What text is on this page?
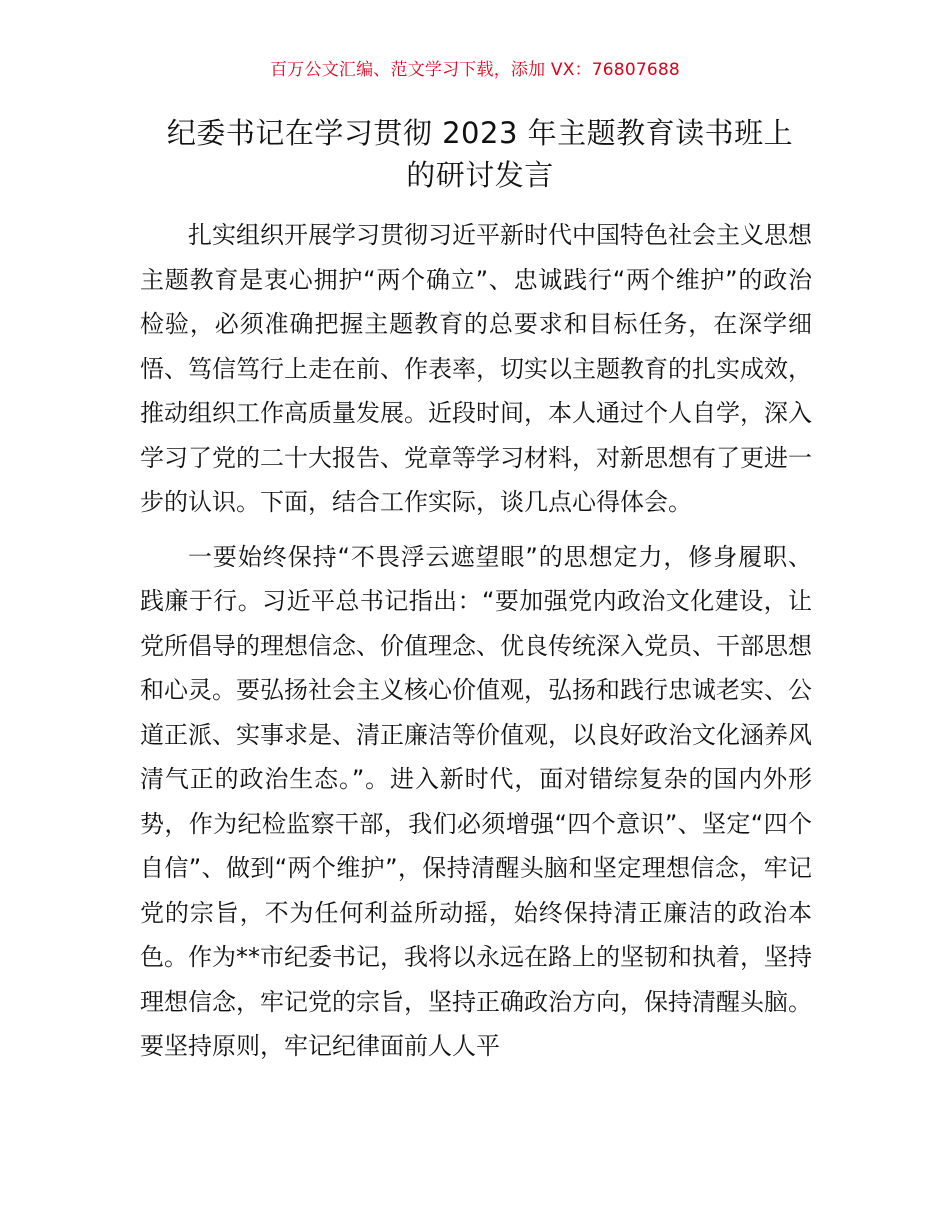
百万公文汇编、范文学习下载，添加 VX：76807688
纪委书记在学习贯彻 2023 年主题教育读书班上
的研讨发言

扎实组织开展学习贯彻习近平新时代中国特色社会主义思想主题教育是衷心拥护“两个确立”、忠诚践行“两个维护”的政治检验，必须准确把握主题教育的总要求和目标任务，在深学细悟、笃信笃行上走在前、作表率，切实以主题教育的扎实成效，推动组织工作高质量发展。近段时间，本人通过个人自学，深入学习了党的二十大报告、党章等学习材料，对新思想有了更进一步的认识。下面，结合工作实际，谈几点心得体会。

一要始终保持“不畏浮云遮望眼”的思想定力，修身履职、践廉于行。习近平总书记指出：“要加强党内政治文化建设，让党所倡导的理想信念、价值理念、优良传统深入党员、干部思想和心灵。要弘扬社会主义核心价值观，弘扬和践行忠诚老实、公道正派、实事求是、清正廉洁等价值观，以良好政治文化涵养风清气正的政治生态。”。进入新时代，面对错综复杂的国内外形势，作为纪检监察干部，我们必须增强“四个意识”、坚定“四个自信”、做到“两个维护”，保持清醒头脑和坚定理想信念，牢记党的宗旨，不为任何利益所动摇，始终保持清正廉洁的政治本色。作为**市纪委书记，我将以永远在路上的坚韧和执着，坚持理想信念，牢记党的宗旨，坚持正确政治方向，保持清醒头脑。要坚持原则，牢记纪律面前人人平
